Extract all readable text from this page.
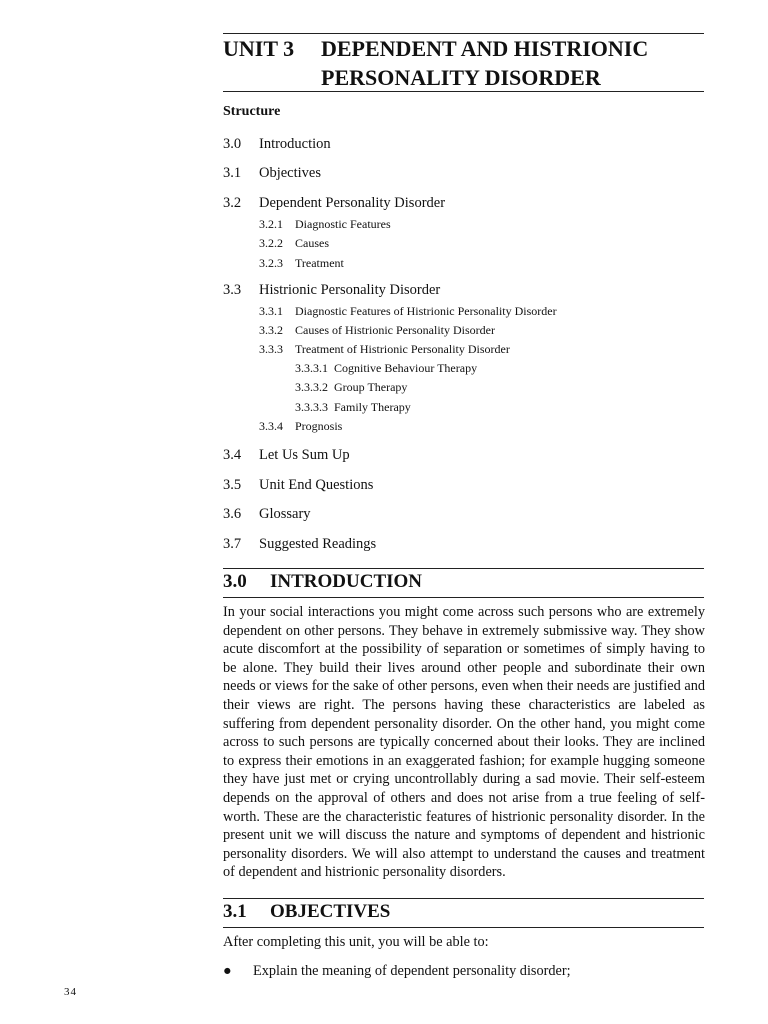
UNIT 3 DEPENDENT AND HISTRIONIC
PERSONALITY DISORDER

Structure

3.0 Introduction
3.1 Objectives
3.2 Dependent Personality Disorder
3.2.1 Diagnostic Features
3.2.2 Causes
3.2.3 Treatment
3.3 Histrionic Personality Disorder
3.3.1 Diagnostic Features of Histrionic Personality Disorder
3.3.2 Causes of Histrionic Personality Disorder
3.3.3 Treatment of Histrionic Personality Disorder
3.3.3.1 Cognitive Behaviour Therapy
3.3.3.2 Group Therapy
3.3.3.3 Family Therapy
3.3.4 Prognosis
3.4 Let Us Sum Up
3.5 Unit End Questions
3.6 Glossary
3.7 Suggested Readings
3.0 INTRODUCTION

In your social interactions you might come across such persons who are extremely dependent on other persons. They behave in extremely submissive way. They show acute discomfort at the possibility of separation or sometimes of simply having to be alone. They build their lives around other people and subordinate their own needs or views for the sake of other persons, even when their needs are justified and their views are right. The persons having these characteristics are labeled as suffering from dependent personality disorder. On the other hand, you might come across to such persons are typically concerned about their looks. They are inclined to express their emotions in an exaggerated fashion; for example hugging someone they have just met or crying uncontrollably during a sad movie. Their self-esteem depends on the approval of others and does not arise from a true feeling of self-worth. These are the characteristic features of histrionic personality disorder. In the present unit we will discuss the nature and symptoms of dependent and histrionic personality disorders. We will also attempt to understand the causes and treatment of dependent and histrionic personality disorders.

3.1 OBJECTIVES

After completing this unit, you will be able to:

● Explain the meaning of dependent personality disorder;
34
